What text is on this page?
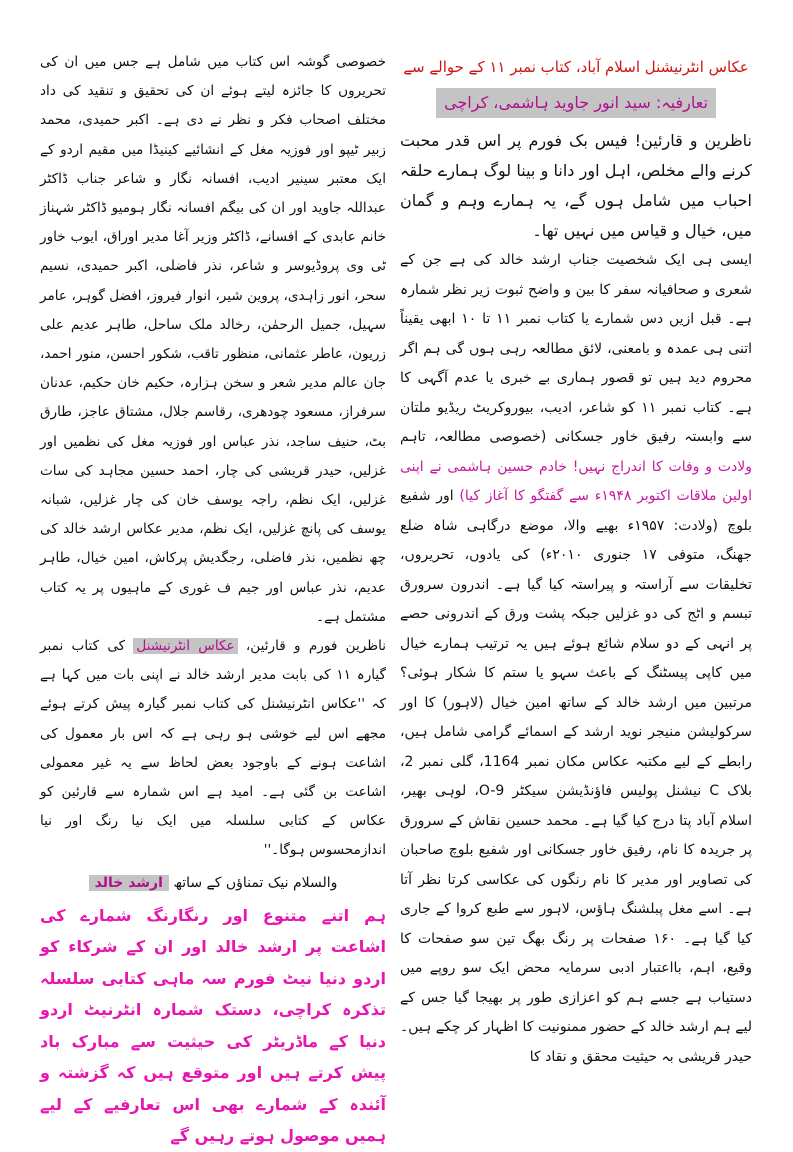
عکاس انٹرنیشنل اسلام آباد، کتاب نمبر ۱۱ کے حوالے سے
تعارفیہ: سید انور جاوید ہاشمی، کراچی

ناظرین و قارئین! فیس بک فورم پر اس قدر محبت کرنے والے مخلص، اہل اور دانا و بینا لوگ ہمارے حلقہ احباب میں شامل ہوں گے، یہ ہمارے وہم و گمان میں، خیال و قیاس میں نہیں تھا۔

ایسی ہی ایک شخصیت جناب ارشد خالد کی ہے جن کے شعری و صحافیانہ سفر کا بین و واضح ثبوت زیر نظر شمارہ ہے۔ قبل ازیں دس شمارے یا کتاب نمبر ۱۱ تا ۱۰ ابھی یقیناً اتنی ہی عمدہ و بامعنی، لائق مطالعہ رہی ہوں گی ہم اگر محروم دید ہیں تو قصور ہماری بے خبری یا عدم آگہی کا ہے۔ کتاب نمبر ۱۱ کو شاعر، ادیب، بیوروکریٹ ریڈیو ملتان سے وابستہ رفیق خاور جسکانی (خصوصی مطالعہ، تاہم ولادت و وفات کا اندراج نہیں! خادم حسین ہاشمی نے اپنی اولین ملاقات اکتوبر ۱۹۴۸ء سے گفتگو کا آغاز کیا) اور شفیع بلوچ (ولادت: ۱۹۵۷ء بھیے والا، موضع درگاہی شاہ ضلع جھنگ، متوفی ۱۷ جنوری ۲۰۱۰ء) کی یادوں، تحریروں، تخلیقات سے آراستہ و پیراستہ کیا گیا ہے۔ اندرون سرورق تبسم و اٹج کی دو غزلیں جبکہ پشت ورق کے اندرونی حصے پر انہی کے دو سلام شائع ہوئے ہیں یہ ترتیب ہمارے خیال میں کاپی پیسٹنگ کے باعث سہو یا ستم کا شکار ہوئی؟ مرتبین میں ارشد خالد کے ساتھ امین خیال (لاہور) کا اور سرکولیشن منیجر نوید ارشد کے اسمائے گرامی شامل ہیں، رابطے کے لیے مکتبہ عکاس مکان نمبر 1164، گلی نمبر 2، بلاک C نیشنل پولیس فاؤنڈیشن سیکٹر O-9، لوہی بھیر، اسلام آباد پتا درج کیا گیا ہے۔ محمد حسین نقاش کے سرورق پر جریدہ کا نام، رفیق خاور جسکانی اور شفیع بلوچ صاحبان کی تصاویر اور مدیر کا نام رنگوں کی عکاسی کرتا نظر آتا ہے۔ اسے مغل پبلشنگ ہاؤس، لاہور سے طبع کروا کے جاری کیا گیا ہے۔ ۱۶۰ صفحات پر رنگ بھگ تین سو صفحات کا وقیع، اہم، بااعتبار ادبی سرمایہ محض ایک سو روپے میں دستیاب ہے جسے ہم کو اعزازی طور پر بھیجا گیا جس کے لیے ہم ارشد خالد کے حضور ممنونیت کا اظہار کر چکے ہیں۔ حیدر قریشی بہ حیثیت محقق و نقاد کا

خصوصی گوشہ اس کتاب میں شامل ہے جس میں ان کی تحریروں کا جائزہ لیتے ہوئے ان کی تحقیق و تنقید کی داد مختلف اصحاب فکر و نظر نے دی ہے۔ اکبر حمیدی، محمد زبیر ٹیپو اور فوزیہ مغل کے انشائیے کینیڈا میں مقیم اردو کے ایک معتبر سینیر ادیب، افسانہ نگار و شاعر جناب ڈاکٹر عبداللہ جاوید اور ان کی بیگم افسانہ نگار ہومیو ڈاکٹر شہناز خانم عابدی کے افسانے، ڈاکٹر وزیر آغا مدیر اوراق، ایوب خاور ٹی وی پروڈیوسر و شاعر، نذر فاضلی، اکبر حمیدی، نسیم سحر، انور زاہدی، پروین شیر، انوار فیروز، افضل گوہر، عامر سہیل، جمیل الرحمٰن، رخالد ملک ساحل، طاہر عدیم علی زریون، عاطر عثمانی، منظور تاقب، شکور احسن، منور احمد، جان عالم مدیر شعر و سخن ہزارہ، حکیم خان حکیم، عدنان سرفراز، مسعود چودھری، رقاسم جلال، مشتاق عاجز، طارق بٹ، حنیف ساجد، نذر عباس اور فوزیہ مغل کی نظمیں اور غزلیں، حیدر قریشی کی چار، احمد حسین مجاہد کی سات غزلیں، ایک نظم، راجہ یوسف خان کی چار غزلیں، شبانہ یوسف کی پانچ غزلیں، ایک نظم، مدیر عکاس ارشد خالد کی چھ نظمیں، نذر فاضلی، رجگدیش پرکاش، امین خیال، طاہر عدیم، نذر عباس اور جیم ف غوری کے ماہیوں پر یہ کتاب مشتمل ہے۔

ناظرین فورم و قارئین، عکاس انٹرنیشنل کی کتاب نمبر گیارہ ۱۱ کی بابت مدیر ارشد خالد نے اپنی بات میں کہا ہے کہ ''عکاس انٹرنیشنل کی کتاب نمبر گیارہ پیش کرتے ہوئے مجھے اس لیے خوشی ہو رہی ہے کہ اس بار معمول کی اشاعت ہونے کے باوجود بعض لحاظ سے یہ غیر معمولی اشاعت بن گئی ہے۔ امید ہے اس شمارہ سے قارئین کو عکاس کے کتابی سلسلہ میں ایک نیا رنگ اور نیا اندازمحسوس ہوگا۔''

والسلام نیک تمناؤں کے ساتھ ارشد خالد
ہم اتنے متنوع اور رنگارنگ شمارے کی اشاعت پر ارشد خالد اور ان کے شرکاء کو اردو دنیا نیٹ فورم سہ ماہی کتابی سلسلہ تذکرہ کراچی، دستک شمارہ انٹرنیٹ اردو دنیا کے ماڈریٹر کی حیثیت سے مبارک باد پیش کرتے ہیں اور متوقع ہیں کہ گزشتہ و آئندہ کے شمارے بھی اس تعارفیے کے لیے ہمیں موصول ہوتے رہیں گے
